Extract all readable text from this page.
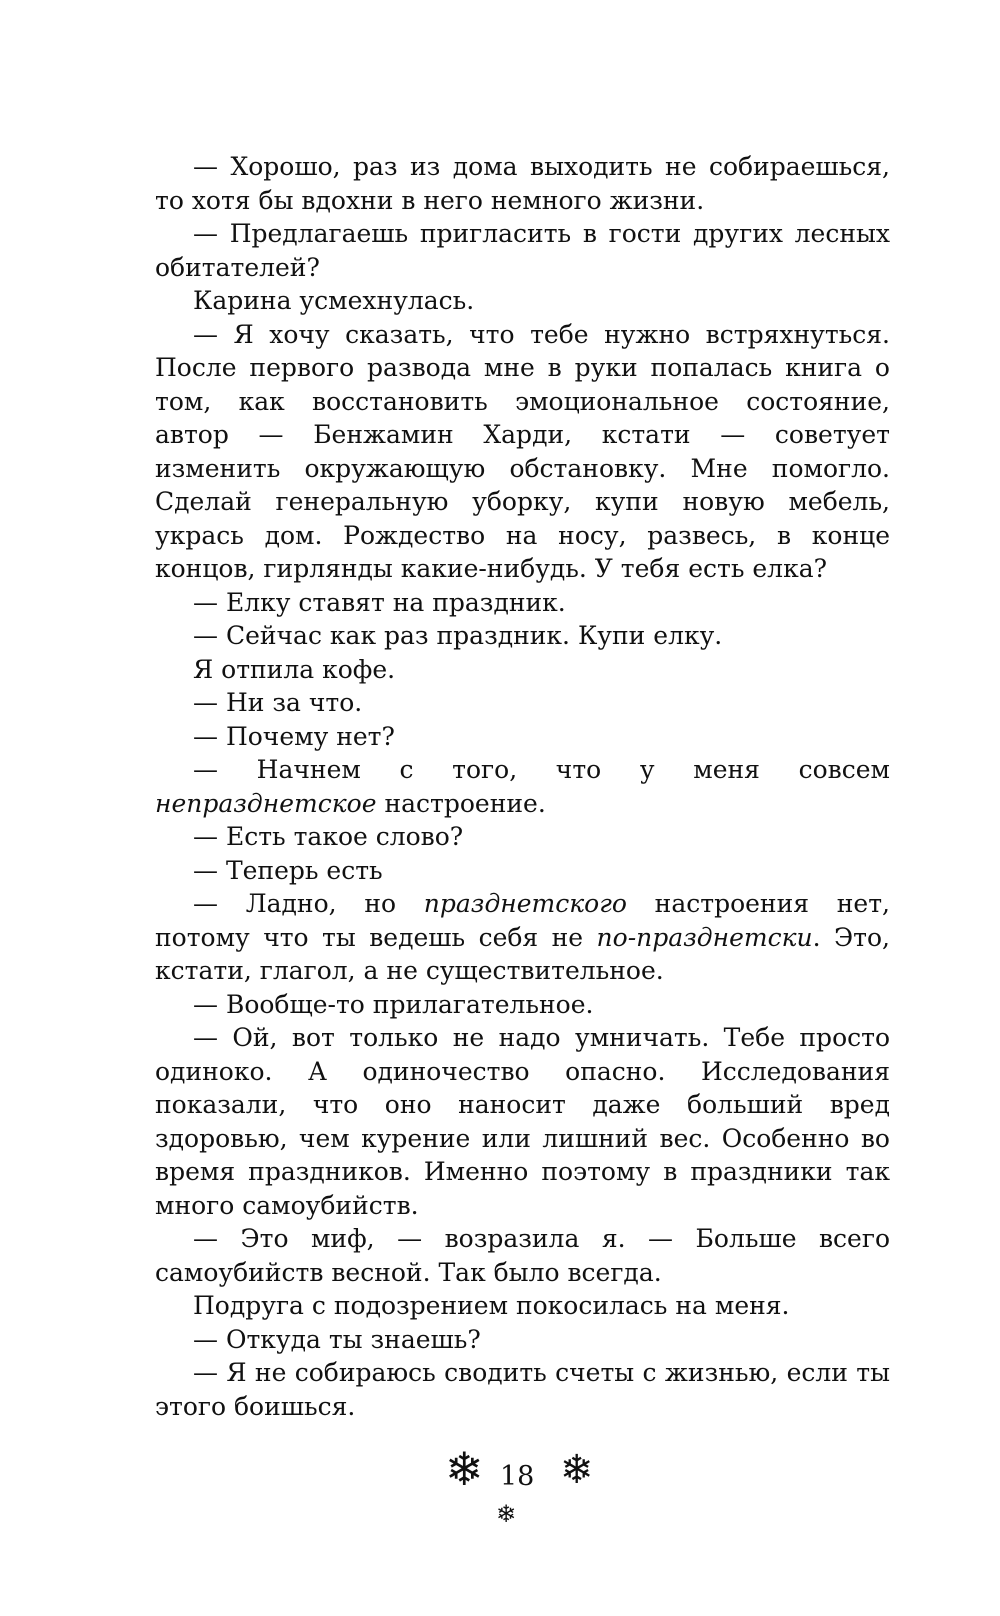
— Хорошо, раз из дома выходить не собираешься, то хотя бы вдохни в него немного жизни.

— Предлагаешь пригласить в гости других лесных обитателей?

Карина усмехнулась.

— Я хочу сказать, что тебе нужно встряхнуться. После первого развода мне в руки попалась книга о том, как восстановить эмоциональное состояние, автор — Бенжамин Харди, кстати — советует изменить окружающую обстановку. Мне помогло. Сделай генеральную уборку, купи новую мебель, укрась дом. Рождество на носу, развесь, в конце концов, гирлянды какие-нибудь. У тебя есть елка?

— Елку ставят на праздник.

— Сейчас как раз праздник. Купи елку.

Я отпила кофе.

— Ни за что.

— Почему нет?

— Начнем с того, что у меня совсем непразднетское настроение.

— Есть такое слово?

— Теперь есть

— Ладно, но празднетского настроения нет, потому что ты ведешь себя не по-празднетски. Это, кстати, глагол, а не существительное.

— Вообще-то прилагательное.

— Ой, вот только не надо умничать. Тебе просто одиноко. А одиночество опасно. Исследования показали, что оно наносит даже больший вред здоровью, чем курение или лишний вес. Особенно во время праздников. Именно поэтому в праздники так много самоубийств.

— Это миф, — возразила я. — Больше всего самоубийств весной. Так было всегда.

Подруга с подозрением покосилась на меня.

— Откуда ты знаешь?

— Я не собираюсь сводить счеты с жизнью, если ты этого боишься.

❄ 18 ❄
❄
